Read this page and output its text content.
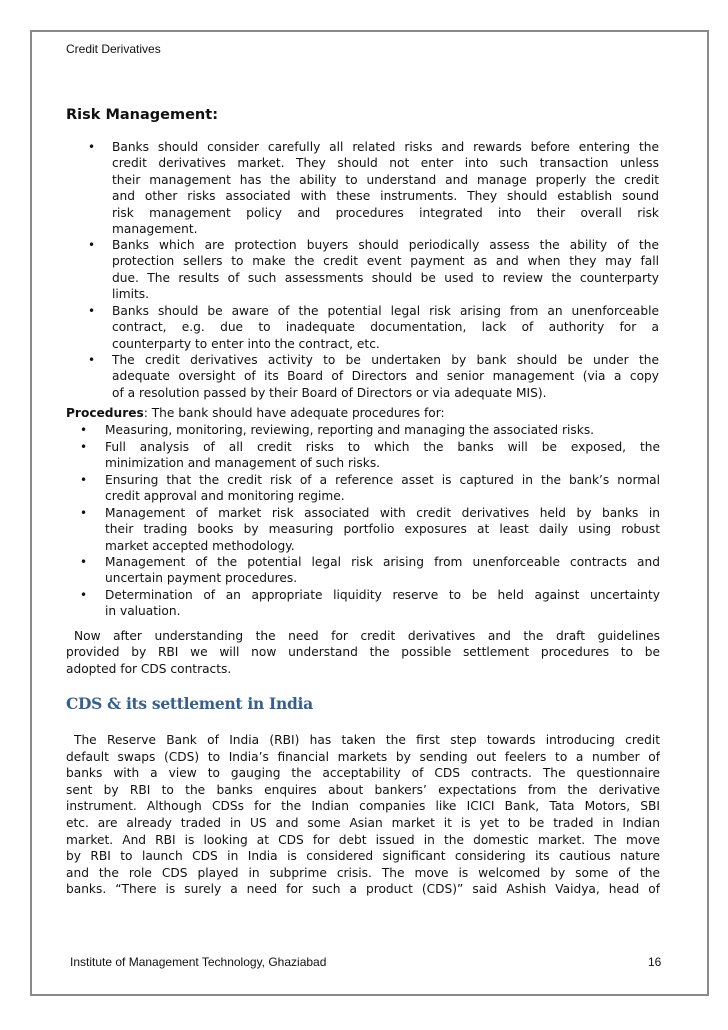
Credit Derivatives
Risk Management:
Procedures: The bank should have adequate procedures for:
CDS & its settlement in India
• Banks should consider carefully all related risks and rewards before entering the
credit derivatives market. They should not enter into such transaction unless
their management has the ability to understand and manage properly the credit
and other risks associated with these instruments. They should establish sound
risk management policy and procedures integrated into their overall risk
management.
• Banks which are protection buyers should periodically assess the ability of the
protection sellers to make the credit event payment as and when they may fall
due. The results of such assessments should be used to review the counterparty
limits.
• Banks should be aware of the potential legal risk arising from an unenforceable
contract, e.g. due to inadequate documentation, lack of authority for a
counterparty to enter into the contract, etc.
• The credit derivatives activity to be undertaken by bank should be under the
adequate oversight of its Board of Directors and senior management (via a copy
of a resolution passed by their Board of Directors or via adequate MIS).
• Measuring, monitoring, reviewing, reporting and managing the associated risks.
• Full analysis of all credit risks to which the banks will be exposed, the
minimization and management of such risks.
• Ensuring that the credit risk of a reference asset is captured in the bank’s normal
credit approval and monitoring regime.
• Management of market risk associated with credit derivatives held by banks in
their trading books by measuring portfolio exposures at least daily using robust
market accepted methodology.
• Management of the potential legal risk arising from unenforceable contracts and
uncertain payment procedures.
• Determination of an appropriate liquidity reserve to be held against uncertainty
in valuation.
Now after understanding the need for credit derivatives and the draft guidelines
provided by RBI we will now understand the possible settlement procedures to be
adopted for CDS contracts.
The Reserve Bank of India (RBI) has taken the first step towards introducing credit
default swaps (CDS) to India’s financial markets by sending out feelers to a number of
banks with a view to gauging the acceptability of CDS contracts. The questionnaire
sent by RBI to the banks enquires about bankers’ expectations from the derivative
instrument. Although CDSs for the Indian companies like ICICI Bank, Tata Motors, SBI
etc. are already traded in US and some Asian market it is yet to be traded in Indian
market. And RBI is looking at CDS for debt issued in the domestic market. The move
by RBI to launch CDS in India is considered significant considering its cautious nature
and the role CDS played in subprime crisis. The move is welcomed by some of the
banks. “There is surely a need for such a product (CDS)” said Ashish Vaidya, head of
Institute of Management Technology, Ghaziabad	16
